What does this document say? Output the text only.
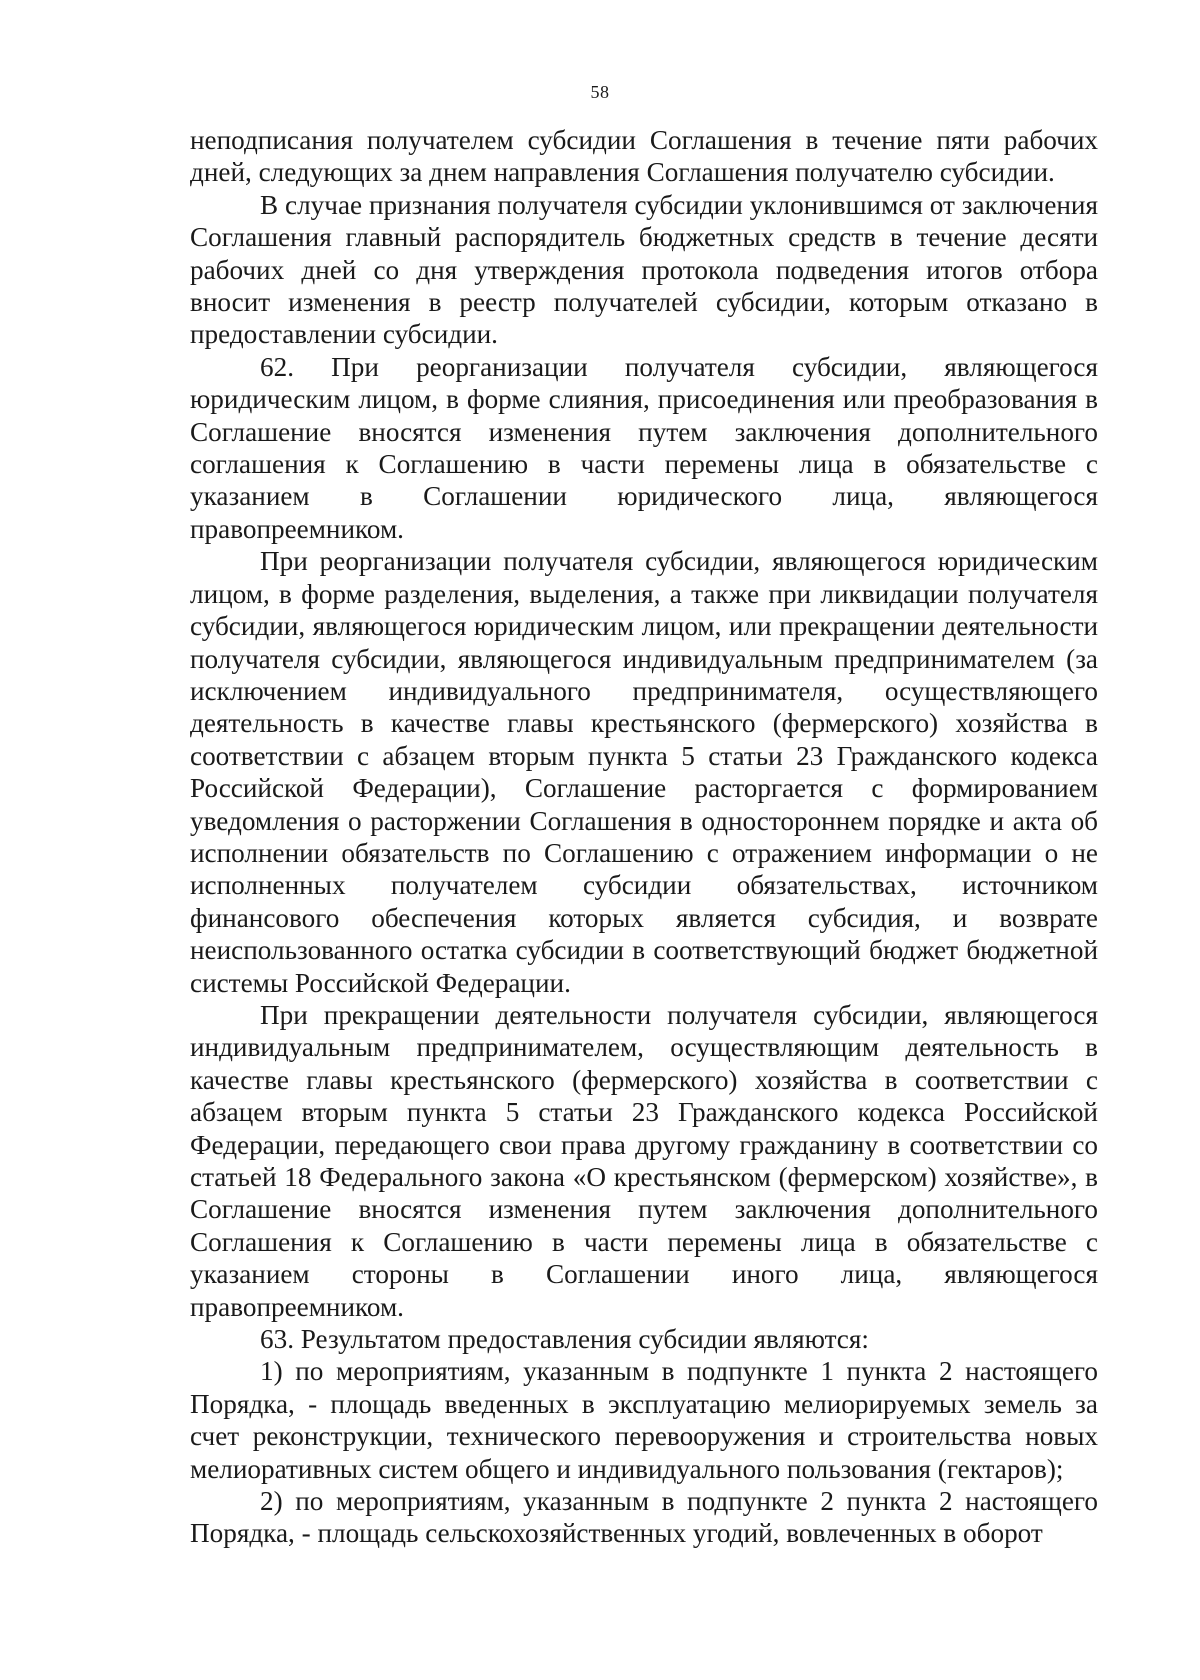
58

неподписания получателем субсидии Соглашения в течение пяти рабочих дней, следующих за днем направления Соглашения получателю субсидии.

В случае признания получателя субсидии уклонившимся от заключения Соглашения главный распорядитель бюджетных средств в течение десяти рабочих дней со дня утверждения протокола подведения итогов отбора вносит изменения в реестр получателей субсидии, которым отказано в предоставлении субсидии.

62. При реорганизации получателя субсидии, являющегося юридическим лицом, в форме слияния, присоединения или преобразования в Соглашение вносятся изменения путем заключения дополнительного соглашения к Соглашению в части перемены лица в обязательстве с указанием в Соглашении юридического лица, являющегося правопреемником.

При реорганизации получателя субсидии, являющегося юридическим лицом, в форме разделения, выделения, а также при ликвидации получателя субсидии, являющегося юридическим лицом, или прекращении деятельности получателя субсидии, являющегося индивидуальным предпринимателем (за исключением индивидуального предпринимателя, осуществляющего деятельность в качестве главы крестьянского (фермерского) хозяйства в соответствии с абзацем вторым пункта 5 статьи 23 Гражданского кодекса Российской Федерации), Соглашение расторгается с формированием уведомления о расторжении Соглашения в одностороннем порядке и акта об исполнении обязательств по Соглашению с отражением информации о не исполненных получателем субсидии обязательствах, источником финансового обеспечения которых является субсидия, и возврате неиспользованного остатка субсидии в соответствующий бюджет бюджетной системы Российской Федерации.

При прекращении деятельности получателя субсидии, являющегося индивидуальным предпринимателем, осуществляющим деятельность в качестве главы крестьянского (фермерского) хозяйства в соответствии с абзацем вторым пункта 5 статьи 23 Гражданского кодекса Российской Федерации, передающего свои права другому гражданину в соответствии со статьей 18 Федерального закона «О крестьянском (фермерском) хозяйстве», в Соглашение вносятся изменения путем заключения дополнительного Соглашения к Соглашению в части перемены лица в обязательстве с указанием стороны в Соглашении иного лица, являющегося правопреемником.

63. Результатом предоставления субсидии являются:

1) по мероприятиям, указанным в подпункте 1 пункта 2 настоящего Порядка, - площадь введенных в эксплуатацию мелиорируемых земель за счет реконструкции, технического перевооружения и строительства новых мелиоративных систем общего и индивидуального пользования (гектаров);

2) по мероприятиям, указанным в подпункте 2 пункта 2 настоящего Порядка, - площадь сельскохозяйственных угодий, вовлеченных в оборот
